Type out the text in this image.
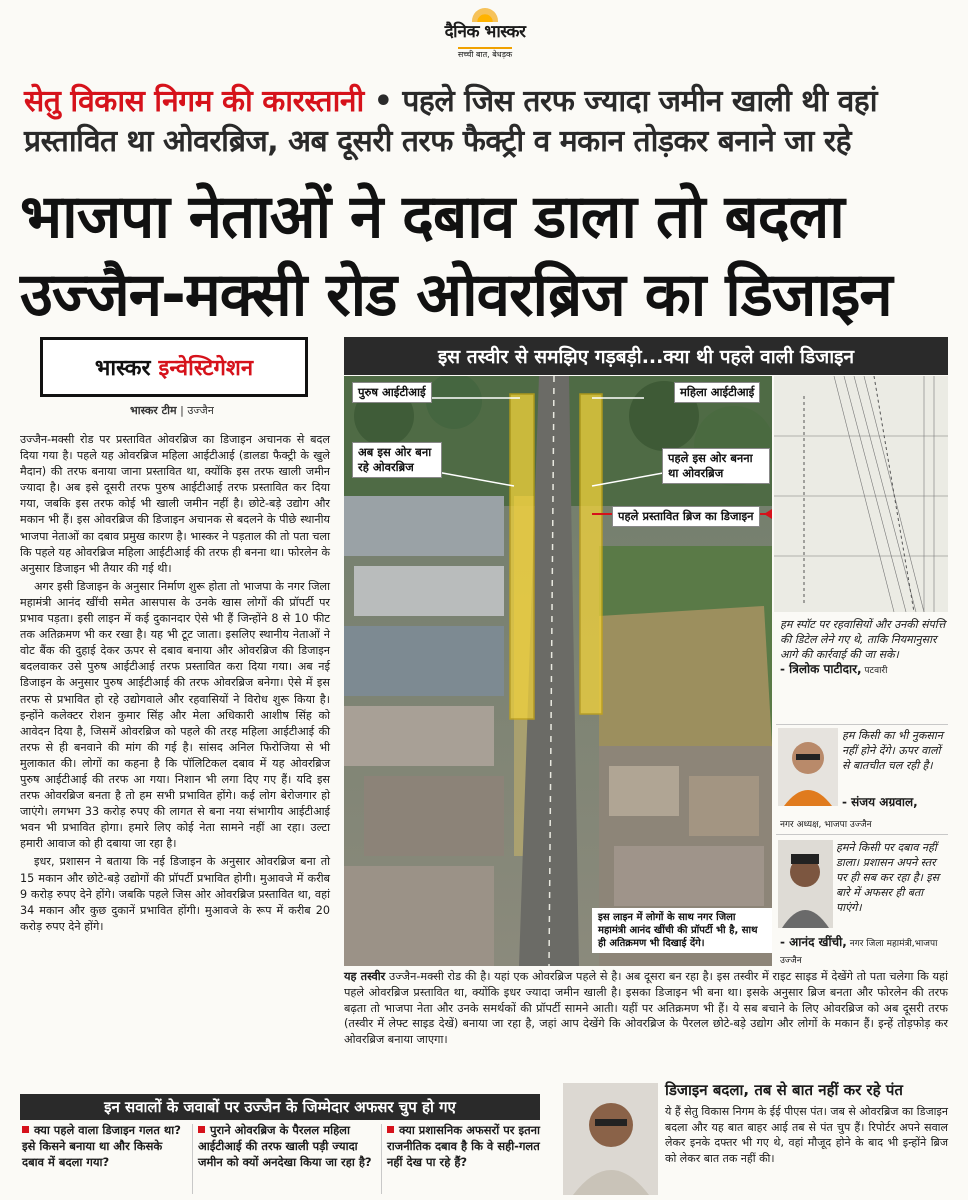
दैनिक भास्कर
सच्ची बात, बेधड़क
सेतु विकास निगम की कारस्तानी • पहले जिस तरफ ज्यादा जमीन खाली थी वहां प्रस्तावित था ओवरब्रिज, अब दूसरी तरफ फैक्ट्री व मकान तोड़कर बनाने जा रहे
भाजपा नेताओं ने दबाव डाला तो बदला
उज्जैन-मक्सी रोड ओवरब्रिज का डिजाइन
भास्कर इन्वेस्टिगेशन
भास्कर टीम | उज्जैन

उज्जैन-मक्सी रोड पर प्रस्तावित ओवरब्रिज का डिजाइन अचानक से बदल दिया गया है। पहले यह ओवरब्रिज महिला आईटीआई (डालडा फैक्ट्री के खुले मैदान) की तरफ बनाया जाना प्रस्तावित था, क्योंकि इस तरफ खाली जमीन ज्यादा है। अब इसे दूसरी तरफ पुरुष आईटीआई तरफ प्रस्तावित कर दिया गया, जबकि इस तरफ कोई भी खाली जमीन नहीं है। छोटे-बड़े उद्योग और मकान भी हैं। इस ओवरब्रिज की डिजाइन अचानक से बदलने के पीछे स्थानीय भाजपा नेताओं का दबाव प्रमुख कारण है। भास्कर ने पड़ताल की तो पता चला कि पहले यह ओवरब्रिज महिला आईटीआई की तरफ ही बनना था। फोरलेन के अनुसार डिजाइन भी तैयार की गई थी।

अगर इसी डिजाइन के अनुसार निर्माण शुरू होता तो भाजपा के नगर जिला महामंत्री आनंद खींची समेत आसपास के उनके खास लोगों की प्रॉपर्टी पर प्रभाव पड़ता। इसी लाइन में कई दुकानदार ऐसे भी हैं जिन्होंने 8 से 10 फीट तक अतिक्रमण भी कर रखा है। यह भी टूट जाता। इसलिए स्थानीय नेताओं ने वोट बैंक की दुहाई देकर ऊपर से दबाव बनाया और ओवरब्रिज की डिजाइन बदलवाकर उसे पुरुष आईटीआई तरफ प्रस्तावित करा दिया गया। अब नई डिजाइन के अनुसार पुरुष आईटीआई की तरफ ओवरब्रिज बनेगा। ऐसे में इस तरफ से प्रभावित हो रहे उद्योगवाले और रहवासियों ने विरोध शुरू किया है। इन्होंने कलेक्टर रोशन कुमार सिंह और मेला अधिकारी आशीष सिंह को आवेदन दिया है, जिसमें ओवरब्रिज को पहले की तरह महिला आईटीआई की तरफ से ही बनवाने की मांग की गई है। सांसद अनिल फिरोजिया से भी मुलाकात की। लोगों का कहना है कि पॉलिटिकल दबाव में यह ओवरब्रिज पुरुष आईटीआई की तरफ आ गया। निशान भी लगा दिए गए हैं। यदि इस तरफ ओवरब्रिज बनता है तो हम सभी प्रभावित होंगे। कई लोग बेरोजगार हो जाएंगे। लगभग 33 करोड़ रुपए की लागत से बना नया संभागीय आईटीआई भवन भी प्रभावित होगा। हमारे लिए कोई नेता सामने नहीं आ रहा। उल्टा हमारी आवाज को ही दबाया जा रहा है।

इधर, प्रशासन ने बताया कि नई डिजाइन के अनुसार ओवरब्रिज बना तो 15 मकान और छोटे-बड़े उद्योगों की प्रॉपर्टी प्रभावित होगी। मुआवजे में करीब 9 करोड़ रुपए देने होंगे। जबकि पहले जिस ओर ओवरब्रिज प्रस्तावित था, वहां 34 मकान और कुछ दुकानें प्रभावित होंगी। मुआवजे के रूप में करीब 20 करोड़ रुपए देने होंगे।

इस तस्वीर से समझिए गड़बड़ी...क्या थी पहले वाली डिजाइन
पुरुष आईटीआई	महिला आईटीआई
अब इस ओर बना रहे ओवरब्रिज
पहले इस ओर बनना था ओवरब्रिज
पहले प्रस्तावित ब्रिज का डिजाइन
इस लाइन में लोगों के साथ नगर जिला महामंत्री आनंद खींची की प्रॉपर्टी भी है, साथ ही अतिक्रमण भी दिखाई देंगे।
हम स्पॉट पर रहवासियों और उनकी संपत्ति की डिटेल लेने गए थे, ताकि नियमानुसार आगे की कार्रवाई की जा सके।
- त्रिलोक पाटीदार, पटवारी
हम किसी का भी नुकसान नहीं होने देंगे। ऊपर वालों से बातचीत चल रही है।
- संजय अग्रवाल,
नगर अध्यक्ष, भाजपा उज्जैन
हमने किसी पर दबाव नहीं डाला। प्रशासन अपने स्तर पर ही सब कर रहा है। इस बारे में अफसर ही बता पाएंगे।
- आनंद खींची, नगर जिला महामंत्री,भाजपा उज्जैन
यह तस्वीर उज्जैन-मक्सी रोड की है। यहां एक ओवरब्रिज पहले से है। अब दूसरा बन रहा है। इस तस्वीर में राइट साइड में देखेंगे तो पता चलेगा कि यहां पहले ओवरब्रिज प्रस्तावित था, क्योंकि इधर ज्यादा जमीन खाली है। इसका डिजाइन भी बना था। इसके अनुसार ब्रिज बनता और फोरलेन की तरफ बढ़ता तो भाजपा नेता और उनके समर्थकों की प्रॉपर्टी सामने आती। यहीं पर अतिक्रमण भी हैं। ये सब बचाने के लिए ओवरब्रिज को अब दूसरी तरफ (तस्वीर में लेफ्ट साइड देखें) बनाया जा रहा है, जहां आप देखेंगे कि ओवरब्रिज के पैरलल छोटे-बड़े उद्योग और लोगों के मकान हैं। इन्हें तोड़फोड़ कर ओवरब्रिज बनाया जाएगा।
इन सवालों के जवाबों पर उज्जैन के जिम्मेदार अफसर चुप हो गए
क्या पहले वाला डिजाइन गलत था? इसे किसने बनाया था और किसके दबाव में बदला गया?
पुराने ओवरब्रिज के पैरलल महिला आईटीआई की तरफ खाली पड़ी ज्यादा जमीन को क्यों अनदेखा किया जा रहा है?
क्या प्रशासनिक अफसरों पर इतना राजनीतिक दबाव है कि वे सही-गलत नहीं देख पा रहे हैं?
डिजाइन बदला, तब से बात नहीं कर रहे पंत
ये हैं सेतु विकास निगम के ईई पीएस पंत। जब से ओवरब्रिज का डिजाइन बदला और यह बात बाहर आई तब से पंत चुप हैं। रिपोर्टर अपने सवाल लेकर इनके दफ्तर भी गए थे, वहां मौजूद होने के बाद भी इन्होंने ब्रिज को लेकर बात तक नहीं की।
